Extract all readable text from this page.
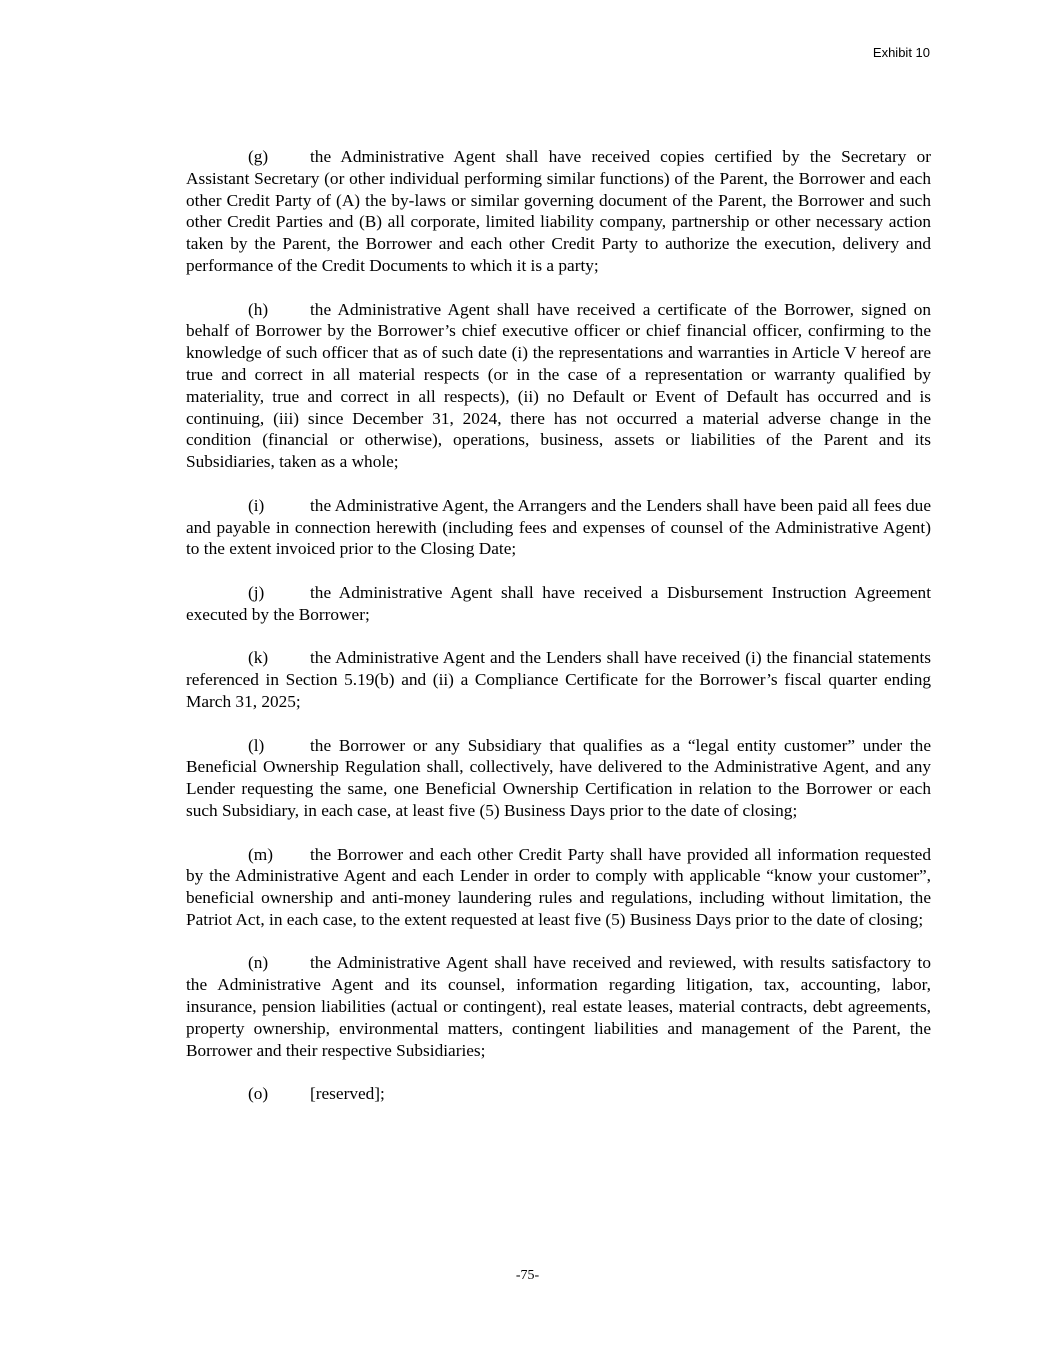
Exhibit 10

(g) the Administrative Agent shall have received copies certified by the Secretary or Assistant Secretary (or other individual performing similar functions) of the Parent, the Borrower and each other Credit Party of (A) the by-laws or similar governing document of the Parent, the Borrower and such other Credit Parties and (B) all corporate, limited liability company, partnership or other necessary action taken by the Parent, the Borrower and each other Credit Party to authorize the execution, delivery and performance of the Credit Documents to which it is a party;

(h) the Administrative Agent shall have received a certificate of the Borrower, signed on behalf of Borrower by the Borrower’s chief executive officer or chief financial officer, confirming to the knowledge of such officer that as of such date (i) the representations and warranties in Article V hereof are true and correct in all material respects (or in the case of a representation or warranty qualified by materiality, true and correct in all respects), (ii) no Default or Event of Default has occurred and is continuing, (iii) since December 31, 2024, there has not occurred a material adverse change in the condition (financial or otherwise), operations, business, assets or liabilities of the Parent and its Subsidiaries, taken as a whole;

(i)	the Administrative Agent, the Arrangers and the Lenders shall have been paid all fees due and payable in connection herewith (including fees and expenses of counsel of the Administrative Agent) to the extent invoiced prior to the Closing Date;

(j)	the Administrative Agent shall have received a Disbursement Instruction Agreement executed by the Borrower;

(k) the Administrative Agent and the Lenders shall have received (i) the financial statements referenced in Section 5.19(b) and (ii) a Compliance Certificate for the Borrower’s fiscal quarter ending March 31, 2025;

(l)	the Borrower or any Subsidiary that qualifies as a “legal entity customer” under the Beneficial Ownership Regulation shall, collectively, have delivered to the Administrative Agent, and any Lender requesting the same, one Beneficial Ownership Certification in relation to the Borrower or each such Subsidiary, in each case, at least five (5) Business Days prior to the date of closing;

(m) the Borrower and each other Credit Party shall have provided all information requested by the Administrative Agent and each Lender in order to comply with applicable “know your customer”, beneficial ownership and anti-money laundering rules and regulations, including without limitation, the Patriot Act, in each case, to the extent requested at least five (5) Business Days prior to the date of closing;

(n) the Administrative Agent shall have received and reviewed, with results satisfactory to the Administrative Agent and its counsel, information regarding litigation, tax, accounting, labor, insurance, pension liabilities (actual or contingent), real estate leases, material contracts, debt agreements, property ownership, environmental matters, contingent liabilities and management of the Parent, the Borrower and their respective Subsidiaries;

(o) [reserved];

-75-
